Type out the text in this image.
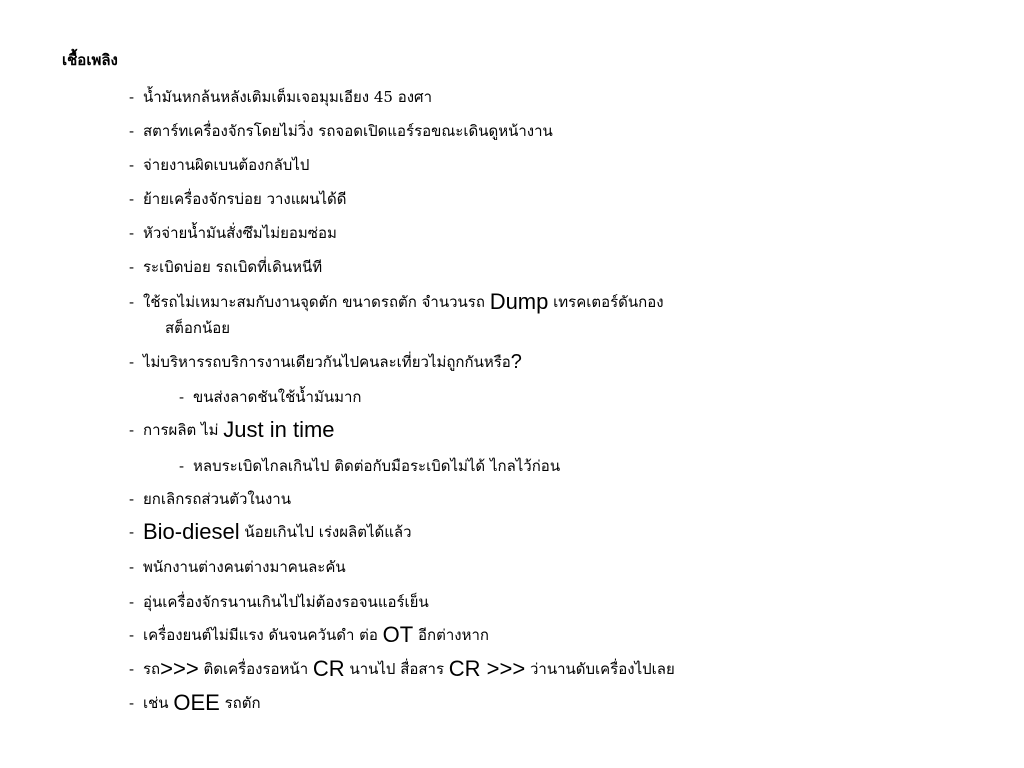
เชื้อเพลิง
- น้ำมันหกล้นหลังเติมเต็มเจอมุมเอียง 45 องศา
- สตาร์ทเครื่องจักรโดยไม่วิ่ง รถจอดเปิดแอร์รอขณะเดินดูหน้างาน
- จ่ายงานผิดเบนต้องกลับไป
- ย้ายเครื่องจักรบ่อย วางแผนได้ดี
- หัวจ่ายน้ำมันสั่งซึมไม่ยอมซ่อม
- ระเบิดบ่อย รถเบิดที่เดินหนีที
- ใช้รถไม่เหมาะสมกับงานจุดตัก ขนาดรถตัก จำนวนรถ Dump เทรคเตอร์ดันกอง
สต็อกน้อย
- ไม่บริหารรถบริการงานเดียวกันไปคนละเที่ยวไม่ถูกกันหรือ?
- ขนส่งลาดชันใช้น้ำมันมาก
- การผลิต ไม่ Just in time
- หลบระเบิดไกลเกินไป ติดต่อกับมือระเบิดไม่ได้ ไกลไว้ก่อน
- ยกเลิกรถส่วนตัวในงาน
- Bio-diesel น้อยเกินไป เร่งผลิตได้แล้ว
- พนักงานต่างคนต่างมาคนละคัน
- อุ่นเครื่องจักรนานเกินไปไม่ต้องรอจนแอร์เย็น
- เครื่องยนต์ไม่มีแรง ดันจนควันดำ ต่อ OT อีกต่างหาก
- รถ>>> ติดเครื่องรอหน้า CR นานไป สื่อสาร CR >>> ว่านานดับเครื่องไปเลย
- เช่น OEE รถตัก
